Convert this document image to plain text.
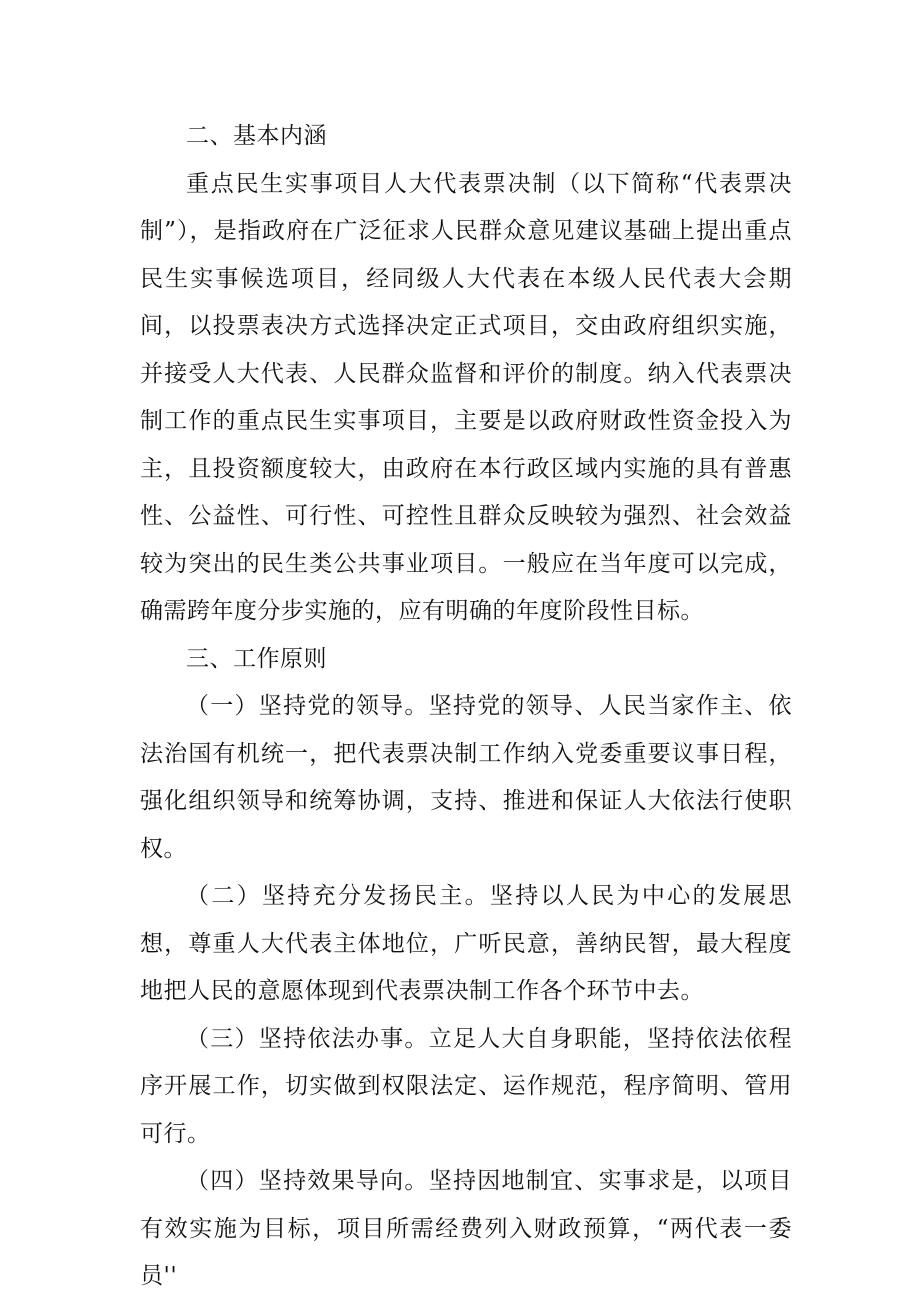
二、基本内涵

重点民生实事项目人大代表票决制（以下简称“代表票决制”），是指政府在广泛征求人民群众意见建议基础上提出重点民生实事候选项目，经同级人大代表在本级人民代表大会期间，以投票表决方式选择决定正式项目，交由政府组织实施，并接受人大代表、人民群众监督和评价的制度。纳入代表票决制工作的重点民生实事项目，主要是以政府财政性资金投入为主，且投资额度较大，由政府在本行政区域内实施的具有普惠性、公益性、可行性、可控性且群众反映较为强烈、社会效益较为突出的民生类公共事业项目。一般应在当年度可以完成，确需跨年度分步实施的，应有明确的年度阶段性目标。

三、工作原则

（一）坚持党的领导。坚持党的领导、人民当家作主、依法治国有机统一，把代表票决制工作纳入党委重要议事日程，强化组织领导和统筹协调，支持、推进和保证人大依法行使职权。

（二）坚持充分发扬民主。坚持以人民为中心的发展思想，尊重人大代表主体地位，广听民意，善纳民智，最大程度地把人民的意愿体现到代表票决制工作各个环节中去。

（三）坚持依法办事。立足人大自身职能，坚持依法依程序开展工作，切实做到权限法定、运作规范，程序简明、管用可行。

（四）坚持效果导向。坚持因地制宜、实事求是，以项目有效实施为目标，项目所需经费列入财政预算，“两代表一委员''
